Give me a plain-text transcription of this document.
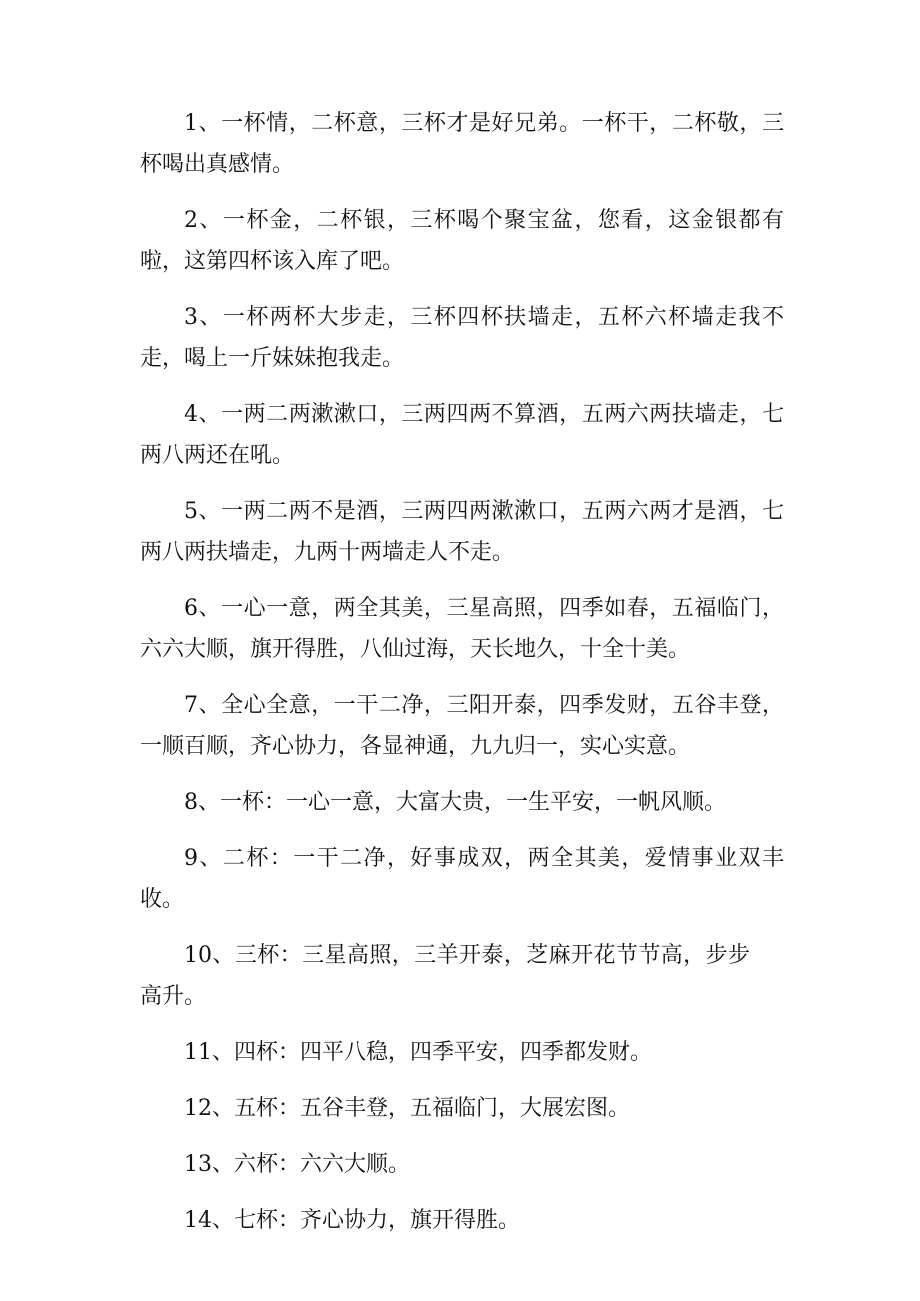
1、一杯情，二杯意，三杯才是好兄弟。一杯干，二杯敬，三杯喝出真感情。

2、一杯金，二杯银，三杯喝个聚宝盆，您看，这金银都有啦，这第四杯该入库了吧。

3、一杯两杯大步走，三杯四杯扶墙走，五杯六杯墙走我不走，喝上一斤妹妹抱我走。

4、一两二两漱漱口，三两四两不算酒，五两六两扶墙走，七两八两还在吼。

5、一两二两不是酒，三两四两漱漱口，五两六两才是酒，七两八两扶墙走，九两十两墙走人不走。

6、一心一意，两全其美，三星高照，四季如春，五福临门，六六大顺，旗开得胜，八仙过海，天长地久，十全十美。

7、全心全意，一干二净，三阳开泰，四季发财，五谷丰登，一顺百顺，齐心协力，各显神通，九九归一，实心实意。

8、一杯：一心一意，大富大贵，一生平安，一帆风顺。

9、二杯：一干二净，好事成双，两全其美，爱情事业双丰收。

10、三杯：三星高照，三羊开泰，芝麻开花节节高，步步高升。

11、四杯：四平八稳，四季平安，四季都发财。

12、五杯：五谷丰登，五福临门，大展宏图。

13、六杯：六六大顺。

14、七杯：齐心协力，旗开得胜。
